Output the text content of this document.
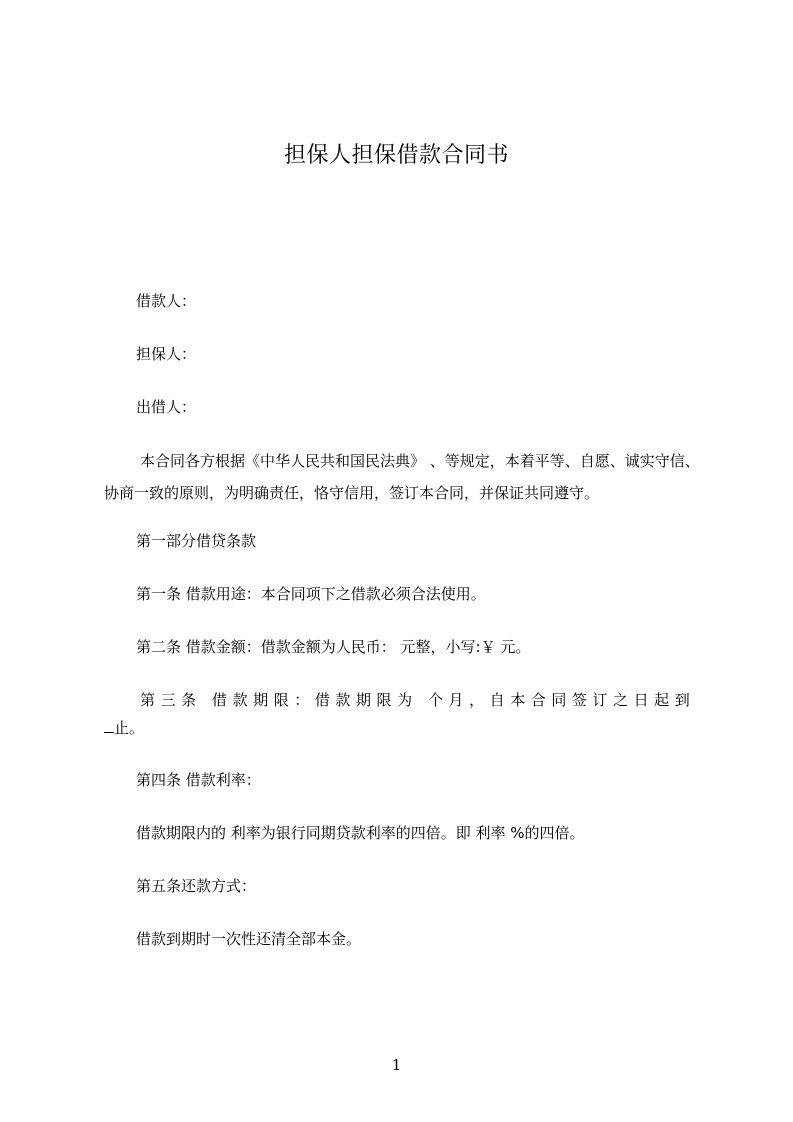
担保人担保借款合同书

借款人：

担保人：

出借人：

本合同各方根据《中华人民共和国民法典》 、等规定，本着平等、自愿、诚实守信、协商一致的原则，为明确责任，恪守信用，签订本合同，并保证共同遵守。

第一部分借贷条款

第一条 借款用途：本合同项下之借款必须合法使用。

第二条 借款金额：借款金额为人民币： 元整，小写:￥ 元。

第 三 条
借 款 期 限 ： 借 款 期 限 为
个 月 ， 自 本 合 同 签 订 之 日 起 到

止。

第四条 借款利率：

借款期限内的 利率为银行同期贷款利率的四倍。即 利率 %的四倍。

第五条还款方式：

借款到期时一次性还清全部本金。

1
